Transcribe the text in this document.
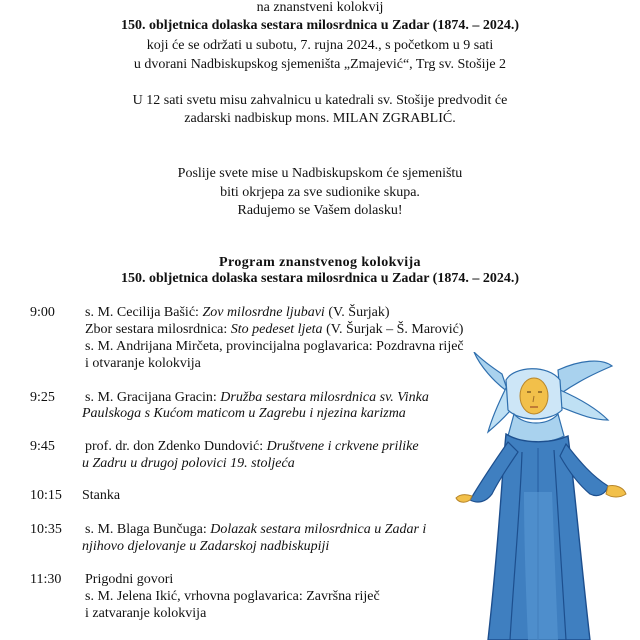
na znanstveni kolokvij
150. obljetnica dolaska sestara milosrdnica u Zadar (1874. – 2024.)
koji će se održati u subotu, 7. rujna 2024., s početkom u 9 sati
u dvorani Nadbiskupskog sjemeništa „Zmajević“, Trg sv. Stošije 2
U 12 sati svetu misu zahvalnicu u katedrali sv. Stošije predvodit će
zadarski nadbiskup mons. MILAN ZGRABLIĆ.
Poslije svete mise u Nadbiskupskom će sjemeništu
biti okrjepa za sve sudionike skupa.
Radujemo se Vašem dolasku!
Program znanstvenog kolokvija
150. obljetnica dolaska sestara milosrdnica u Zadar (1874. – 2024.)
9:00 s. M. Cecilija Bašić: Zov milosrdne ljubavi (V. Šurjak)
Zbor sestara milosrdnica: Sto pedeset ljeta (V. Šurjak – Š. Marović)
s. M. Andrijana Mirčeta, provincijalna poglavarica: Pozdravna riječ
i otvaranje kolokvija
9:25 s. M. Gracijana Gracin: Družba sestara milosrdnica sv. Vinka
Paulskoga s Kućom maticom u Zagrebu i njezina karizma
9:45 prof. dr. don Zdenko Dundović: Društvene i crkvene prilike
u Zadru u drugoj polovici 19. stoljeća
10:15 Stanka
10:35 s. M. Blaga Bunčuga: Dolazak sestara milosrdnica u Zadar i
njihovo djelovanje u Zadarskoj nadbiskupiji
11:30 Prigodni govori
s. M. Jelena Ikić, vrhovna poglavarica: Završna riječ
i zatvaranje kolokvija
